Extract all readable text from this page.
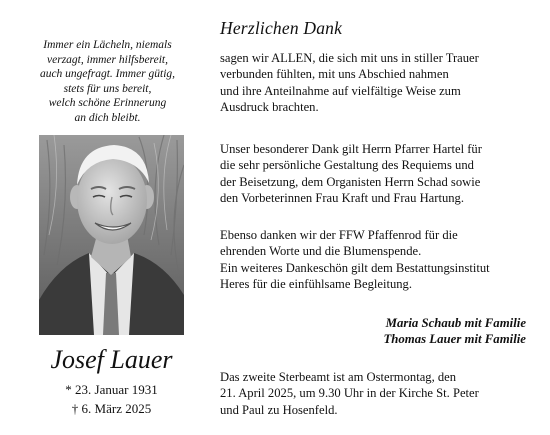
Immer ein Lächeln, niemals
verzagt, immer hilfsbereit,
auch ungefragt. Immer gütig,
stets für uns bereit,
welch schöne Erinnerung
an dich bleibt.
Josef Lauer
* 23. Januar 1931
† 6. März 2025
Herzlichen Dank
sagen wir ALLEN, die sich mit uns in stiller Trauer
verbunden fühlten, mit uns Abschied nahmen
und ihre Anteilnahme auf vielfältige Weise zum
Ausdruck brachten.
Unser besonderer Dank gilt Herrn Pfarrer Hartel für
die sehr persönliche Gestaltung des Requiems und
der Beisetzung, dem Organisten Herrn Schad sowie
den Vorbeterinnen Frau Kraft und Frau Hartung.
Ebenso danken wir der FFW Pfaffenrod für die
ehrenden Worte und die Blumenspende.
Ein weiteres Dankeschön gilt dem Bestattungsinstitut
Heres für die einfühlsame Begleitung.
Maria Schaub mit Familie
Thomas Lauer mit Familie
Das zweite Sterbeamt ist am Ostermontag, den
21. April 2025, um 9.30 Uhr in der Kirche St. Peter
und Paul zu Hosenfeld.
